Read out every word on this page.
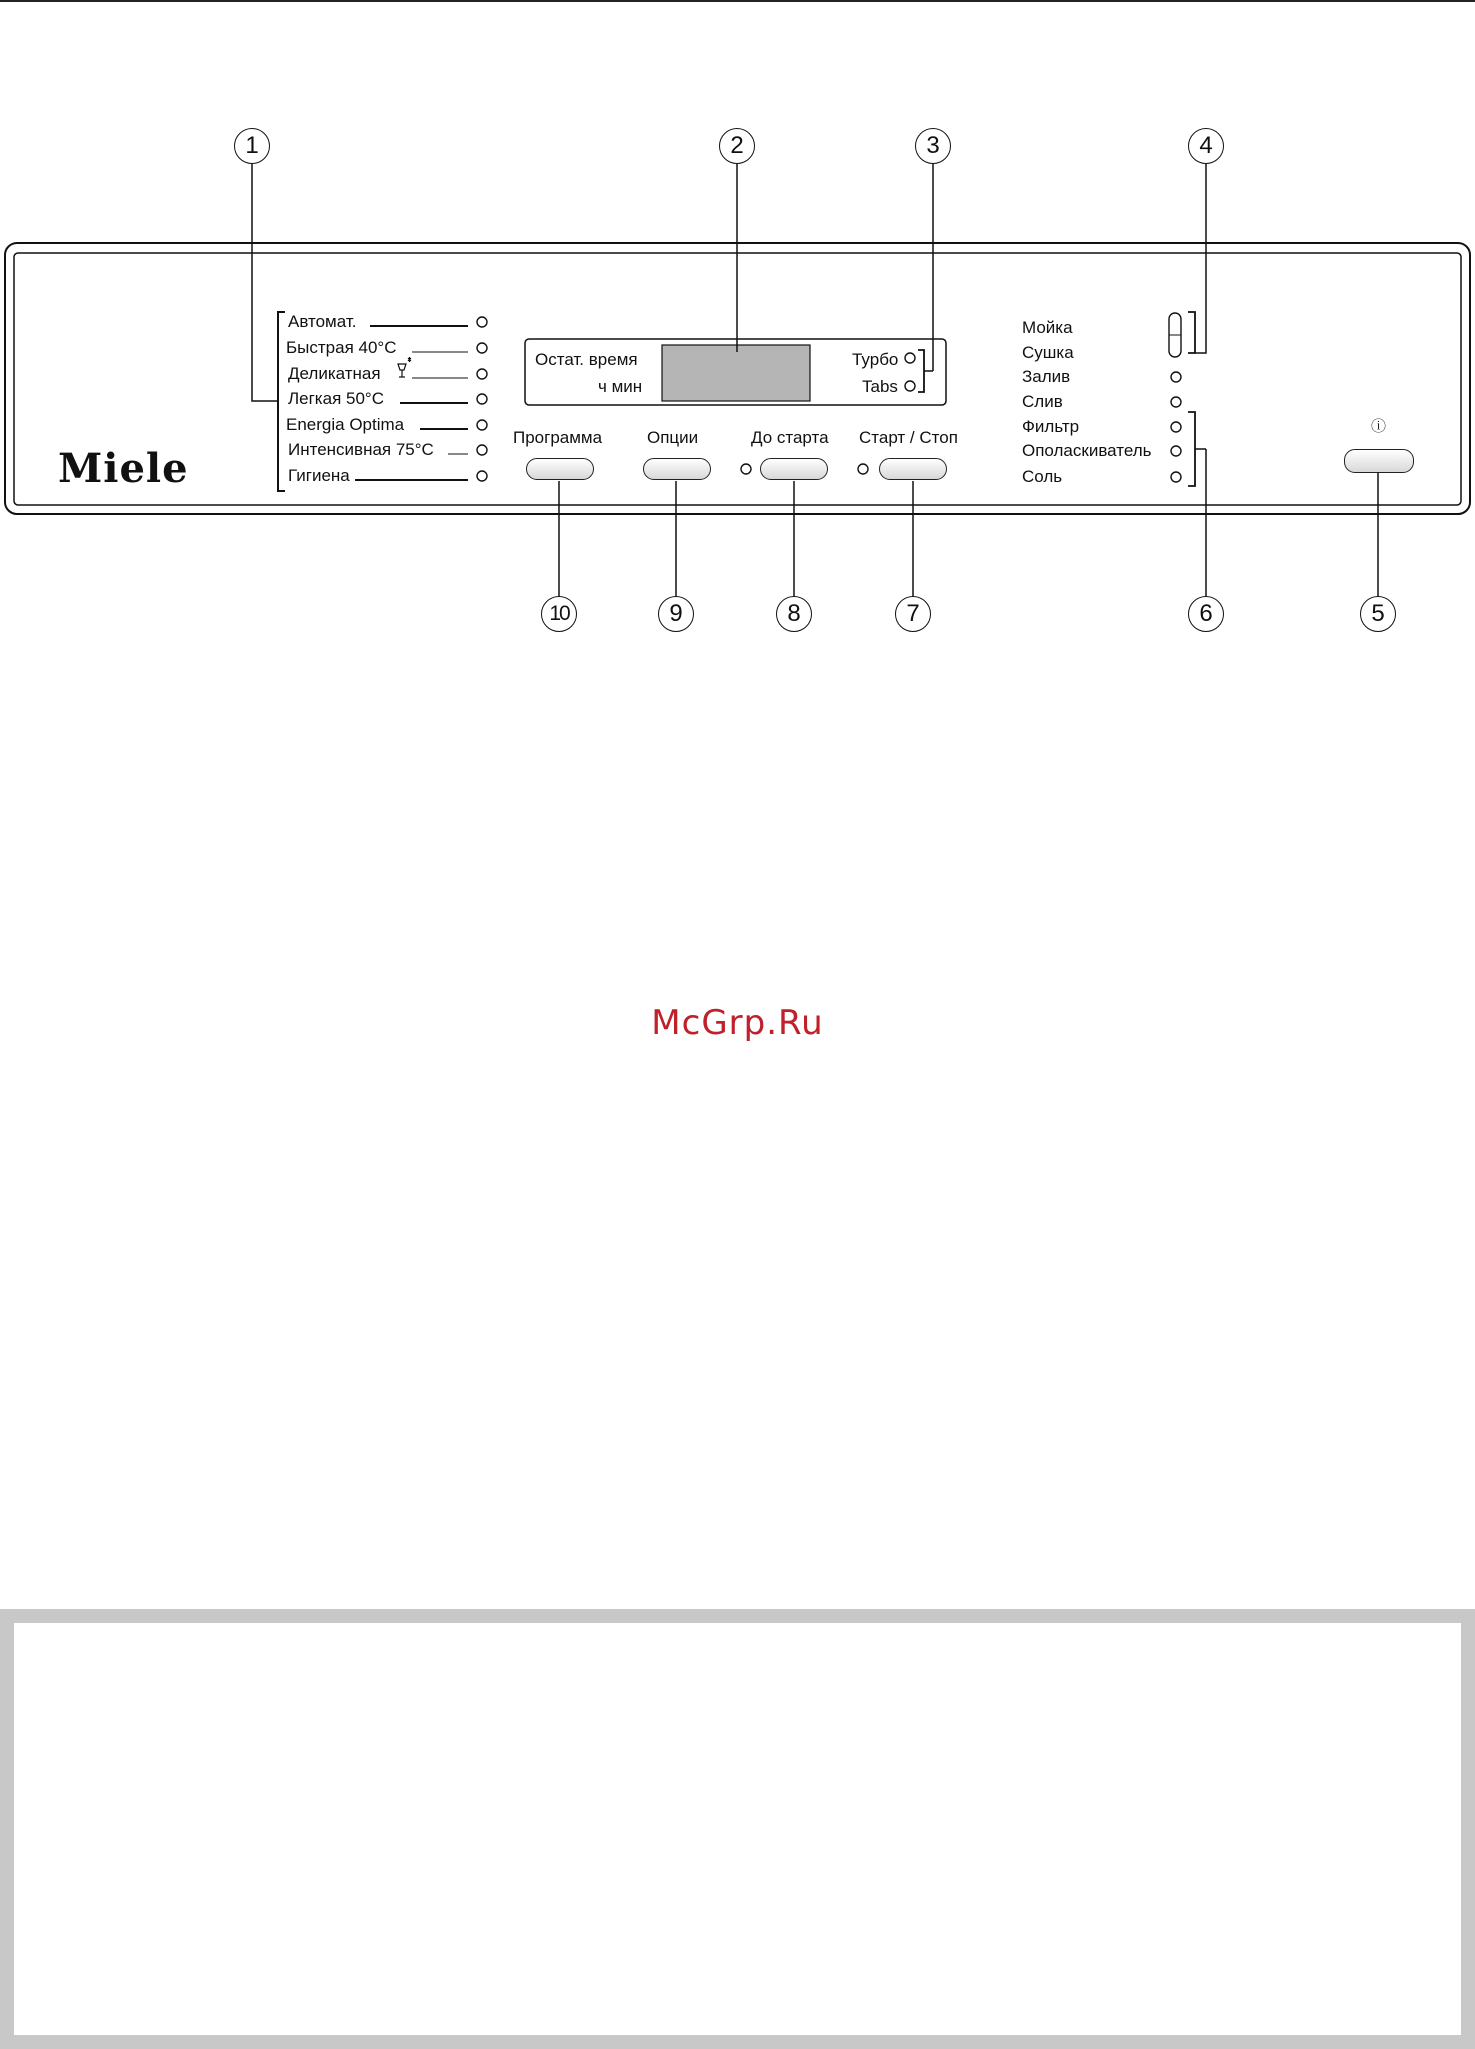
Miele
Автомат.
Быстрая 40°C
Деликатная
Легкая 50°C
Energia Optima
Интенсивная 75°C
Гигиена
Остат. время
ч мин
Турбо
Tabs
Программа	Опции	До старта Старт / Стоп
ⓘ
Мойка
Сушка
Залив
Слив
Фильтр
Ополаскиватель
Соль
1	2	3	4
5
6
7
8
9
10
McGrp.Ru
